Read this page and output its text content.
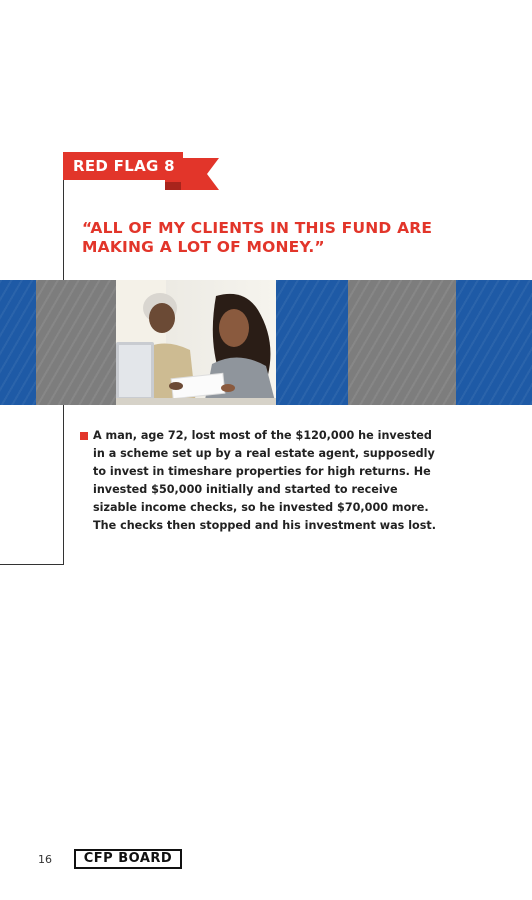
RED FLAG 8
“ALL OF MY CLIENTS IN THIS FUND ARE MAKING A LOT OF MONEY.”
A man, age 72, lost most of the $120,000 he invested in a scheme set up by a real estate agent, supposedly to invest in timeshare properties for high returns. He invested $50,000 initially and started to receive sizable income checks, so he invested $70,000 more. The checks then stopped and his investment was lost.
16	CFP BOARD
